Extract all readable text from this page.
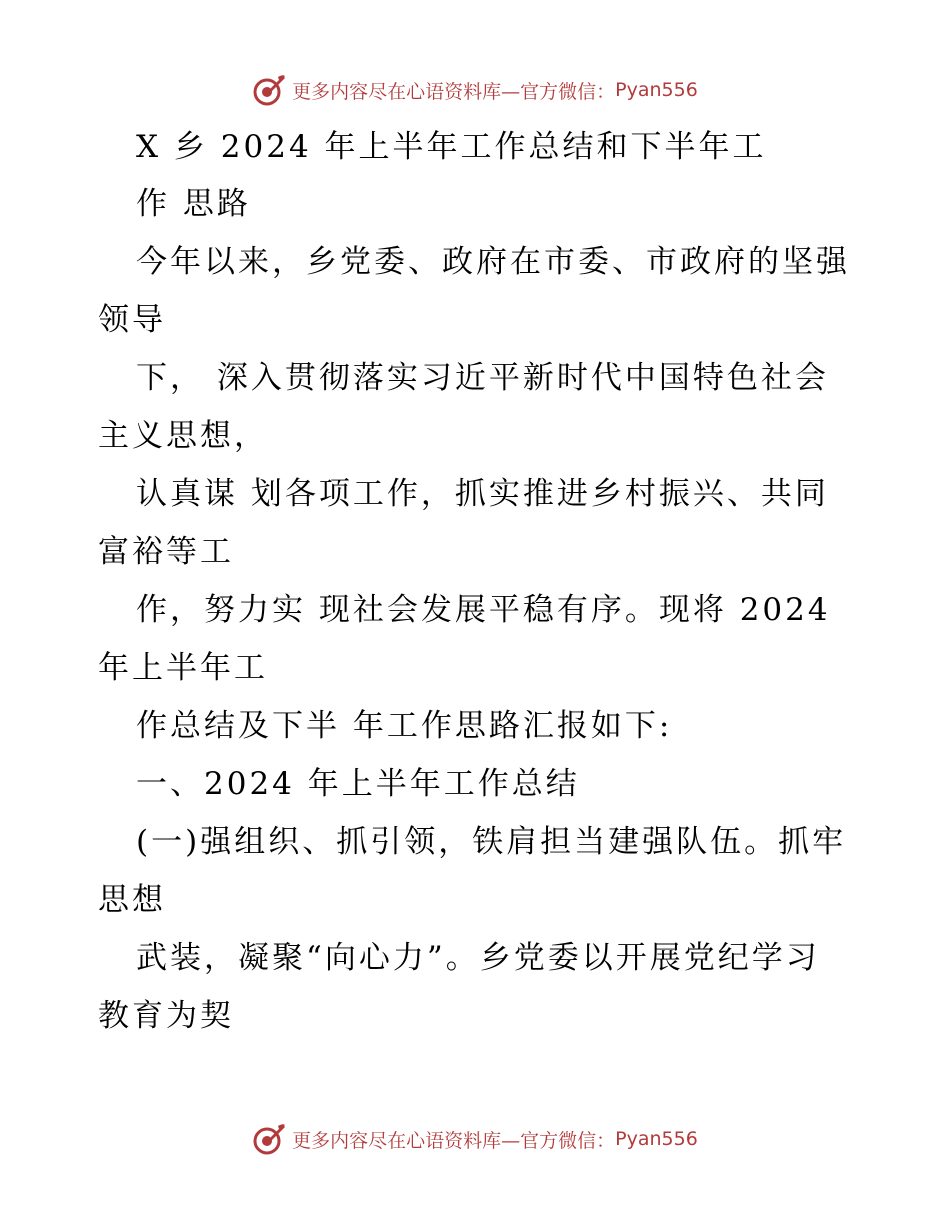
更多内容尽在心语资料库—官方微信： Pyan556
X 乡 2024 年上半年工作总结和下半年工
作 思路
今年以来，乡党委、政府在市委、市政府的坚强
领导
下， 深入贯彻落实习近平新时代中国特色社会
主义思想，
认真谋 划各项工作，抓实推进乡村振兴、共同
富裕等工
作，努力实 现社会发展平稳有序。现将 2024
年上半年工
作总结及下半 年工作思路汇报如下:
一、2024 年上半年工作总结
(一)强组织、抓引领，铁肩担当建强队伍。抓牢
思想
武装，凝聚“向心力”。乡党委以开展党纪学习
教育为契
更多内容尽在心语资料库—官方微信： Pyan556
